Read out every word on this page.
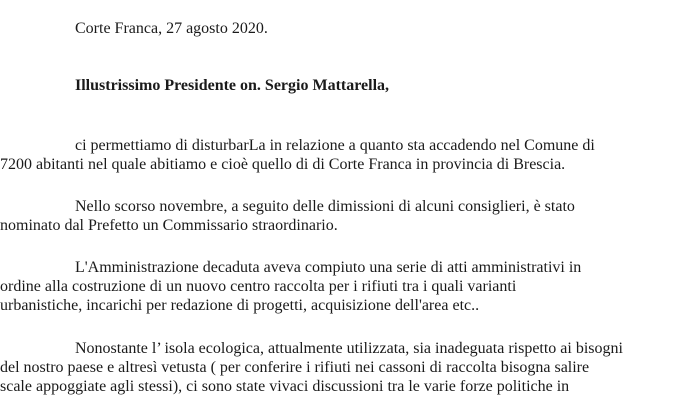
Corte Franca, 27 agosto 2020.
Illustrissimo Presidente on. Sergio Mattarella,
ci permettiamo di disturbarLa in relazione a quanto sta accadendo nel Comune di
7200 abitanti nel quale abitiamo e cioè quello di di Corte Franca in provincia di Brescia.
Nello scorso novembre, a seguito delle dimissioni di alcuni consiglieri, è stato
nominato dal Prefetto un Commissario straordinario.
L'Amministrazione decaduta aveva compiuto una serie di atti amministrativi in
ordine alla costruzione di un nuovo centro raccolta per i rifiuti tra i quali varianti
urbanistiche, incarichi per redazione di progetti, acquisizione dell'area etc..
Nonostante l’ isola ecologica, attualmente utilizzata, sia inadeguata rispetto ai bisogni
del nostro paese e altresì vetusta ( per conferire i rifiuti nei cassoni di raccolta bisogna salire
scale appoggiate agli stessi), ci sono state vivaci discussioni tra le varie forze politiche in
